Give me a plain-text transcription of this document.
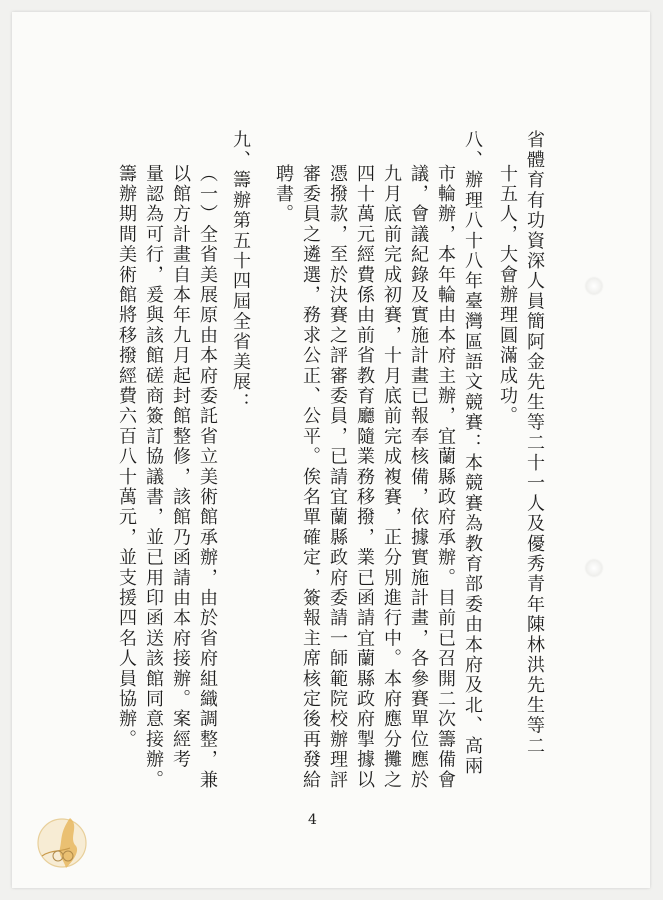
省體育有功資深人員簡阿金先生等二十一人及優秀青年陳林洪先生等二
十五人，大會辦理圓滿成功。
八、辦理八十八年臺灣區語文競賽：本競賽為教育部委由本府及北、高兩
市輪辦，本年輪由本府主辦，宜蘭縣政府承辦。目前已召開二次籌備會
議，會議紀錄及實施計畫已報奉核備，依據實施計畫，各參賽單位應於
九月底前完成初賽，十月底前完成複賽，正分別進行中。本府應分攤之
四十萬元經費係由前省教育廳隨業務移撥，業已函請宜蘭縣政府掣據以
憑撥款，至於決賽之評審委員，已請宜蘭縣政府委請一師範院校辦理評
審委員之遴選，務求公正、公平。俟名單確定，簽報主席核定後再發給
聘書。
九、籌辦第五十四屆全省美展：
（一）全省美展原由本府委託省立美術館承辦，由於省府組織調整，兼
以館方計畫自本年九月起封館整修，該館乃函請由本府接辦。案經考
量認為可行，爰與該館磋商簽訂協議書，並已用印函送該館同意接辦。
籌辦期間美術館將移撥經費六百八十萬元，並支援四名人員協辦。
4
